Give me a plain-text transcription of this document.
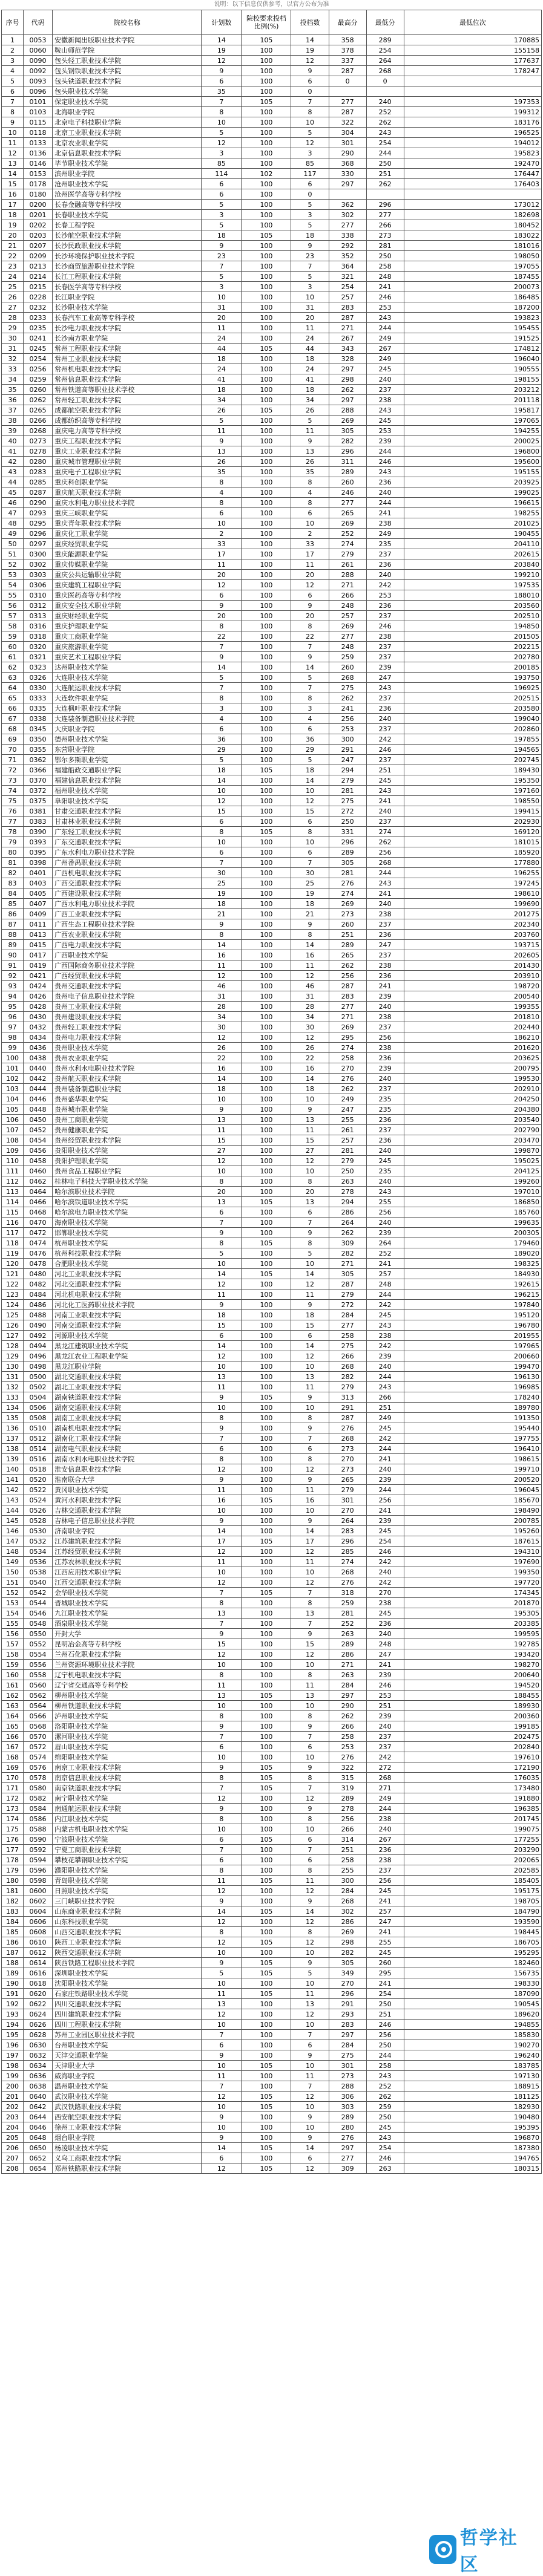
说明：以下信息仅供参考，以官方公布为准
序号	代码	院校名称	计划数	院校要求投档比例(%)	投档数	最高分	最低分	最低位次
1	0053	安徽新闻出版职业技术学院	14	105	14	358	289	170885
2	0060	鞍山师范学院	19	100	19	378	254	155158
3	0090	包头轻工职业技术学院	12	100	12	337	264	177637
4	0092	包头钢铁职业技术学院	9	100	9	287	268	178247
5	0093	包头铁道职业技术学院	6	100	6	0	0	
6	0096	包头职业技术学院	35	100	0			
7	0101	保定职业技术学院	7	105	7	277	240	197353
8	0103	北海职业学院	8	100	8	287	252	199312
9	0115	北京电子科技职业学院	10	100	10	322	262	183176
10	0118	北京工业职业技术学院	5	100	5	304	243	196525
11	0133	北京农业职业学院	12	100	12	301	254	194012
12	0136	北京信息职业技术学院	3	100	3	290	244	195823
13	0146	毕节职业技术学院	85	100	85	368	250	192470
14	0153	滨州职业学院	114	102	117	330	251	176447
15	0178	沧州职业技术学院	6	100	6	297	262	176403
16	0180	沧州医学高等专科学校	6	100	0			
17	0200	长春金融高等专科学校	5	100	5	362	296	173012
18	0201	长春职业技术学院	3	100	3	302	277	182698
19	0202	长春工程学院	5	100	5	277	266	180452
20	0203	长沙航空职业技术学院	18	105	18	338	273	183022
21	0207	长沙民政职业技术学院	9	100	9	292	281	181016
22	0209	长沙环境保护职业技术学院	23	100	23	352	250	198050
23	0213	长沙商贸旅游职业技术学院	7	100	7	364	258	197055
24	0214	长江工程职业技术学院	5	100	5	321	248	187455
25	0215	长春医学高等专科学校	3	100	3	254	241	200073
26	0228	长江职业学院	10	100	10	257	246	186485
27	0232	长沙职业技术学院	31	100	31	283	253	187200
28	0233	长春汽车工业高等专科学校	20	100	20	287	243	193823
29	0235	长沙电力职业技术学院	11	100	11	271	244	195455
30	0241	长沙南方职业学院	24	100	24	267	249	191525
31	0245	常州工程职业技术学院	44	105	44	343	267	174812
32	0254	常州工业职业技术学院	18	100	18	328	249	196040
33	0256	常州机电职业技术学院	24	100	24	297	245	190555
34	0259	常州信息职业技术学院	41	100	41	298	240	198155
35	0260	常州铁道高等职业技术学校	18	100	18	262	237	203212
36	0262	常州轻工职业技术学院	34	100	34	297	238	201118
37	0265	成都航空职业技术学院	26	105	26	288	243	195817
38	0266	成都纺织高等专科学校	5	100	5	269	245	197065
39	0268	重庆电力高等专科学校	11	100	11	305	253	194255
40	0273	重庆工程职业技术学院	9	100	9	282	239	200025
41	0278	重庆工业职业技术学院	13	100	13	296	244	196800
42	0280	重庆城市管理职业学院	26	100	26	311	246	195600
43	0283	重庆电子工程职业学院	35	100	35	289	243	195155
44	0285	重庆科创职业学院	8	100	8	260	236	203925
45	0287	重庆航天职业技术学院	4	100	4	246	240	199025
46	0290	重庆水利电力职业技术学院	8	100	8	277	244	196615
47	0293	重庆三峡职业学院	6	100	6	265	241	198255
48	0295	重庆青年职业技术学院	10	100	10	269	238	201025
49	0296	重庆化工职业学院	2	100	2	252	249	190455
50	0297	重庆经贸职业学院	33	100	33	274	235	204110
51	0300	重庆能源职业学院	17	100	17	279	237	202615
52	0302	重庆传媒职业学院	11	100	11	261	236	203840
53	0303	重庆公共运输职业学院	20	100	20	288	240	199210
54	0306	重庆建筑工程职业学院	12	100	12	271	242	197535
55	0310	重庆医药高等专科学校	6	100	6	266	253	188010
56	0312	重庆安全技术职业学院	9	100	9	248	236	203560
57	0313	重庆财经职业学院	20	100	20	257	237	202510
58	0316	重庆护理职业学院	8	100	8	269	246	194850
59	0318	重庆工商职业学院	22	100	22	277	238	201505
60	0320	重庆旅游职业学院	7	100	7	248	237	202215
61	0321	重庆艺术工程职业学院	9	100	9	259	237	202780
62	0323	达州职业技术学院	14	100	14	260	239	200185
63	0326	大连职业技术学院	5	100	5	268	247	193750
64	0330	大连航运职业技术学院	7	100	7	275	243	196925
65	0333	大连软件职业学院	8	100	8	262	237	202515
66	0335	大连枫叶职业技术学院	3	100	3	241	236	203580
67	0338	大连装备制造职业技术学院	4	100	4	256	240	199040
68	0345	大庆职业学院	6	100	6	253	237	202860
69	0350	德州职业技术学院	36	100	36	300	242	197855
70	0355	东营职业学院	29	100	29	291	246	194565
71	0362	鄂尔多斯职业学院	5	100	5	247	237	202745
72	0366	福建船政交通职业学院	18	105	18	294	251	189430
73	0370	福建信息职业技术学院	14	100	14	279	245	195350
74	0372	福州职业技术学院	10	100	10	281	243	197160
75	0375	阜阳职业技术学院	12	100	12	275	241	198550
76	0381	甘肃交通职业技术学院	15	100	15	272	240	199415
77	0383	甘肃林业职业技术学院	6	100	6	250	237	202930
78	0390	广东轻工职业技术学院	8	105	8	331	274	169120
79	0393	广东交通职业技术学院	10	100	10	296	262	181015
80	0395	广东水利电力职业技术学院	6	100	6	289	256	185920
81	0398	广州番禺职业技术学院	7	100	7	305	268	177880
82	0401	广西机电职业技术学院	30	100	30	281	244	196255
83	0403	广西交通职业技术学院	25	100	25	276	243	197245
84	0405	广西建设职业技术学院	19	100	19	274	241	198610
85	0407	广西水利电力职业技术学院	18	100	18	269	240	199690
86	0409	广西工业职业技术学院	21	100	21	273	238	201275
87	0411	广西生态工程职业技术学院	9	100	9	260	237	202340
88	0413	广西农业职业技术学院	8	100	8	251	236	203760
89	0415	广西电力职业技术学院	14	100	14	289	247	193715
90	0417	广西职业技术学院	16	100	16	265	237	202605
91	0419	广西国际商务职业技术学院	11	100	11	262	238	201430
92	0421	广西经贸职业技术学院	12	100	12	256	236	203910
93	0424	贵州交通职业技术学院	46	100	46	287	241	198720
94	0426	贵州电子信息职业技术学院	31	100	31	283	239	200540
95	0428	贵州工业职业技术学院	28	100	28	277	240	199355
96	0430	贵州建设职业技术学院	34	100	34	271	238	201810
97	0432	贵州轻工职业技术学院	30	100	30	269	237	202440
98	0434	贵州电力职业技术学院	12	100	12	295	256	186210
99	0436	贵州职业技术学院	26	100	26	274	238	201620
100	0438	贵州农业职业学院	22	100	22	258	236	203625
101	0440	贵州水利水电职业技术学院	16	100	16	270	239	200795
102	0442	贵州航天职业技术学院	14	100	14	276	240	199530
103	0444	贵州装备制造职业学院	18	100	18	262	237	202910
104	0446	贵州盛华职业学院	10	100	10	249	235	204250
105	0448	贵州城市职业学院	9	100	9	247	235	204380
106	0450	贵州工商职业学院	13	100	13	255	236	203540
107	0452	贵州健康职业学院	11	100	11	261	237	202790
108	0454	贵州经贸职业技术学院	15	100	15	257	236	203470
109	0456	贵阳职业技术学院	27	100	27	281	240	199870
110	0458	贵阳护理职业学院	12	100	12	279	245	195025
111	0460	贵州食品工程职业学院	10	100	10	250	235	204125
112	0462	桂林电子科技大学职业技术学院	8	100	8	263	240	199260
113	0464	哈尔滨职业技术学院	20	100	20	278	243	197010
114	0466	哈尔滨铁道职业技术学院	13	105	13	294	255	186850
115	0468	哈尔滨电力职业技术学院	6	100	6	286	256	185760
116	0470	海南职业技术学院	7	100	7	264	240	199635
117	0472	邯郸职业技术学院	9	100	9	262	239	200305
118	0474	杭州职业技术学院	8	105	8	309	264	179460
119	0476	杭州科技职业技术学院	5	100	5	282	252	189020
120	0478	合肥职业技术学院	10	100	10	271	241	198325
121	0480	河北工业职业技术学院	14	105	14	305	257	184930
122	0482	河北交通职业技术学院	12	100	12	287	248	192615
123	0484	河北机电职业技术学院	11	100	11	279	244	196215
124	0486	河北化工医药职业技术学院	9	100	9	272	242	197840
125	0488	河南工业职业技术学院	18	100	18	284	245	195120
126	0490	河南交通职业技术学院	15	100	15	277	243	196780
127	0492	河源职业技术学院	6	100	6	258	238	201955
128	0494	黑龙江建筑职业技术学院	14	100	14	275	242	197965
129	0496	黑龙江农业工程职业学院	12	100	12	266	239	200660
130	0498	黑龙江职业学院	10	100	10	268	240	199470
131	0500	湖北交通职业技术学院	13	100	13	282	244	196130
132	0502	湖北工业职业技术学院	11	100	11	279	243	196985
133	0504	湖南铁道职业技术学院	9	105	9	313	266	178240
134	0506	湖南交通职业技术学院	10	100	10	291	251	189780
135	0508	湖南工业职业技术学院	8	100	8	287	249	191350
136	0510	湖南机电职业技术学院	9	100	9	276	245	195440
137	0512	湖南化工职业技术学院	7	100	7	268	242	197755
138	0514	湖南电气职业技术学院	6	100	6	273	244	196410
139	0516	湖南水利水电职业技术学院	8	100	8	270	241	198615
140	0518	淮安信息职业技术学院	12	100	12	273	240	199710
141	0520	淮南联合大学	9	100	9	265	239	200520
142	0522	黄冈职业技术学院	11	100	11	279	244	196045
143	0524	黄河水利职业技术学院	16	105	16	301	256	185670
144	0526	吉林交通职业技术学院	10	100	10	270	241	198490
145	0528	吉林电子信息职业技术学院	9	100	9	264	239	200785
146	0530	济南职业学院	14	100	14	283	245	195260
147	0532	江苏建筑职业技术学院	17	105	17	296	254	187615
148	0534	江苏经贸职业技术学院	12	100	12	285	246	194310
149	0536	江苏农林职业技术学院	11	100	11	274	242	197690
150	0538	江西应用技术职业学院	10	100	10	268	240	199350
151	0540	江西交通职业技术学院	12	100	12	276	242	197720
152	0542	金华职业技术学院	7	105	7	318	270	174345
153	0544	晋城职业技术学院	8	100	8	259	238	201870
154	0546	九江职业技术学院	13	100	13	281	245	195305
155	0548	酒泉职业技术学院	7	100	7	252	236	203385
156	0550	开封大学	9	100	9	263	240	199595
157	0552	昆明冶金高等专科学校	15	100	15	289	248	192785
158	0554	兰州石化职业技术学院	12	100	12	286	247	193420
159	0556	兰州资源环境职业技术学院	10	100	10	271	241	198270
160	0558	辽宁机电职业技术学院	8	100	8	263	239	200640
161	0560	辽宁省交通高等专科学校	11	100	11	284	246	194520
162	0562	柳州职业技术学院	13	105	13	297	253	188455
163	0564	柳州铁道职业技术学院	10	100	10	290	251	189930
164	0566	泸州职业技术学院	8	100	8	262	239	200360
165	0568	洛阳职业技术学院	9	100	9	266	240	199185
166	0570	漯河职业技术学院	7	100	7	258	237	202475
167	0572	眉山职业技术学院	6	100	6	253	237	202840
168	0574	绵阳职业技术学院	10	100	10	276	242	197610
169	0576	南京工业职业技术学院	9	105	9	322	272	172190
170	0578	南京信息职业技术学院	8	105	8	315	268	176035
171	0580	南京铁道职业技术学院	7	105	7	319	271	173480
172	0582	南宁职业技术学院	12	100	12	289	249	191880
173	0584	南通航运职业技术学院	9	100	9	278	244	196385
174	0586	内江职业技术学院	8	100	8	256	238	201745
175	0588	内蒙古机电职业技术学院	10	100	10	266	240	199075
176	0590	宁波职业技术学院	6	105	6	314	267	177255
177	0592	宁夏工商职业技术学院	7	100	7	251	236	203290
178	0594	攀枝花攀钢职业技术学院	6	100	6	258	238	202065
179	0596	濮阳职业技术学院	8	100	8	255	237	202585
180	0598	青岛职业技术学院	11	105	11	300	256	185405
181	0600	日照职业技术学院	12	100	12	284	245	195175
182	0602	三门峡职业技术学院	9	100	9	268	241	198705
183	0604	山东商业职业技术学院	14	105	14	302	257	184790
184	0606	山东科技职业学院	12	100	12	286	247	193590
185	0608	山西交通职业技术学院	8	100	8	269	241	198445
186	0610	陕西工业职业技术学院	12	105	12	298	255	186705
187	0612	陕西交通职业技术学院	10	100	10	282	245	195295
188	0614	陕西铁路工程职业技术学院	9	105	9	305	260	182460
189	0616	深圳职业技术学院	5	105	5	349	295	156735
190	0618	沈阳职业技术学院	10	100	10	270	241	198330
191	0620	石家庄铁路职业技术学院	11	105	11	296	254	187090
192	0622	四川交通职业技术学院	13	100	13	291	250	190545
193	0624	四川建筑职业技术学院	12	100	12	293	251	189620
194	0626	四川工程职业技术学院	10	100	10	283	246	194855
195	0628	苏州工业园区职业技术学院	7	100	7	297	256	185830
196	0630	台州职业技术学院	6	100	6	284	250	190270
197	0632	天津交通职业学院	9	100	9	275	244	196240
198	0634	天津职业大学	10	105	10	301	258	183785
199	0636	威海职业学院	11	100	11	273	243	197130
200	0638	温州职业技术学院	7	100	7	288	252	188915
201	0640	武汉职业技术学院	12	105	12	306	262	181125
202	0642	武汉铁路职业技术学院	10	105	10	303	259	182930
203	0644	西安航空职业技术学院	9	100	9	289	250	190480
204	0646	徐州工业职业技术学院	10	100	10	280	245	195395
205	0648	烟台职业学院	9	100	9	276	243	196870
206	0650	杨凌职业技术学院	14	105	14	297	254	187380
207	0652	义乌工商职业技术学院	6	100	6	277	246	194765
208	0654	郑州铁路职业技术学院	12	105	12	309	263	180315
哲学社区
